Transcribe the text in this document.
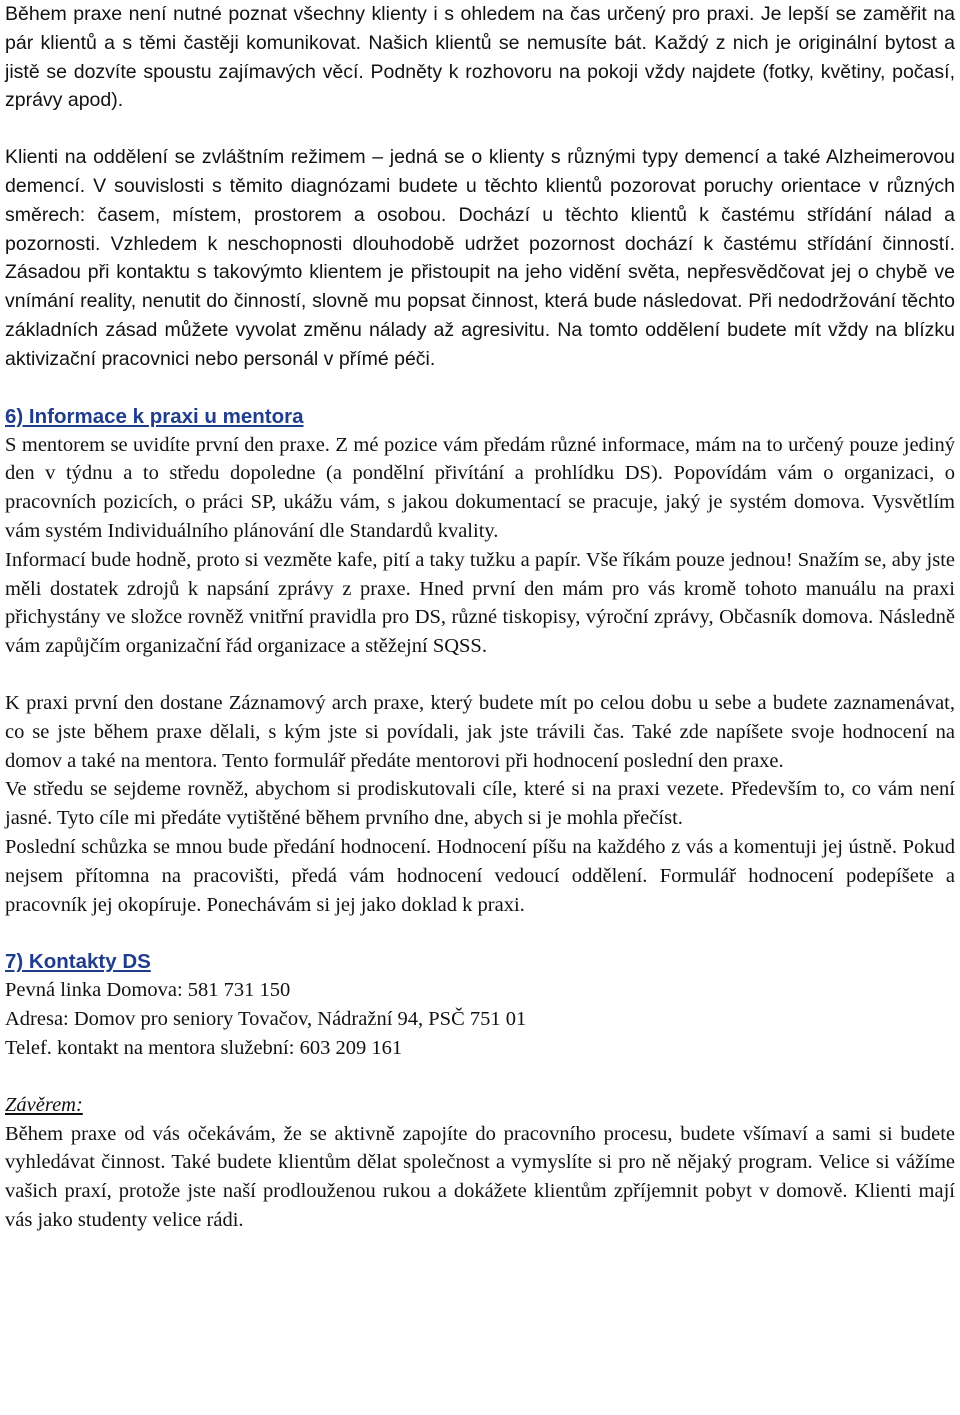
Během praxe není nutné poznat všechny klienty i s ohledem na čas určený pro praxi. Je lepší se zaměřit na pár klientů a s těmi častěji komunikovat. Našich klientů se nemusíte bát. Každý z nich je originální bytost a jistě se dozvíte spoustu zajímavých věcí. Podněty k rozhovoru na pokoji vždy najdete (fotky, květiny, počasí, zprávy apod).

Klienti na oddělení se zvláštním režimem – jedná se o klienty s různými typy demencí a také Alzheimerovou demencí. V souvislosti s těmito diagnózami budete u těchto klientů pozorovat poruchy orientace v různých směrech: časem, místem, prostorem a osobou. Dochází u těchto klientů k častému střídání nálad a pozornosti. Vzhledem k neschopnosti dlouhodobě udržet pozornost dochází k častému střídání činností. Zásadou při kontaktu s takovýmto klientem je přistoupit na jeho vidění světa, nepřesvědčovat jej o chybě ve vnímání reality, nenutit do činností, slovně mu popsat činnost, která bude následovat. Při nedodržování těchto základních zásad můžete vyvolat změnu nálady až agresivitu. Na tomto oddělení budete mít vždy na blízku aktivizační pracovnici nebo personál v přímé péči.

6) Informace k praxi u mentora

S mentorem se uvidíte první den praxe. Z mé pozice vám předám různé informace, mám na to určený pouze jediný den v týdnu a to středu dopoledne (a pondělní přivítání a prohlídku DS). Popovídám vám o organizaci, o pracovních pozicích, o práci SP, ukážu vám, s jakou dokumentací se pracuje, jaký je systém domova. Vysvětlím vám systém Individuálního plánování dle Standardů kvality.

Informací bude hodně, proto si vezměte kafe, pití a taky tužku a papír. Vše říkám pouze jednou! Snažím se, aby jste měli dostatek zdrojů k napsání zprávy z praxe. Hned první den mám pro vás kromě tohoto manuálu na praxi přichystány ve složce rovněž vnitřní pravidla pro DS, různé tiskopisy, výroční zprávy, Občasník domova. Následně vám zapůjčím organizační řád organizace a stěžejní SQSS.

K praxi první den dostane Záznamový arch praxe, který budete mít po celou dobu u sebe a budete zaznamenávat, co se jste během praxe dělali, s kým jste si povídali, jak jste trávili čas. Také zde napíšete svoje hodnocení na domov a také na mentora. Tento formulář předáte mentorovi při hodnocení poslední den praxe.

Ve středu se sejdeme rovněž, abychom si prodiskutovali cíle, které si na praxi vezete. Především to, co vám není jasné. Tyto cíle mi předáte vytištěné během prvního dne, abych si je mohla přečíst.

Poslední schůzka se mnou bude předání hodnocení. Hodnocení píšu na každého z vás a komentuji jej ústně. Pokud nejsem přítomna na pracovišti, předá vám hodnocení vedoucí oddělení. Formulář hodnocení podepíšete a pracovník jej okopíruje. Ponechávám si jej jako doklad k praxi.

7) Kontakty DS

Pevná linka Domova: 581 731 150

Adresa: Domov pro seniory Tovačov, Nádražní 94, PSČ 751 01

Telef. kontakt na mentora služební: 603 209 161

Závěrem:

Během praxe od vás očekávám, že se aktivně zapojíte do pracovního procesu, budete všímaví a sami si budete vyhledávat činnost. Také budete klientům dělat společnost a vymyslíte si pro ně nějaký program. Velice si vážíme vašich praxí, protože jste naší prodlouženou rukou a dokážete klientům zpříjemnit pobyt v domově. Klienti mají vás jako studenty velice rádi.
